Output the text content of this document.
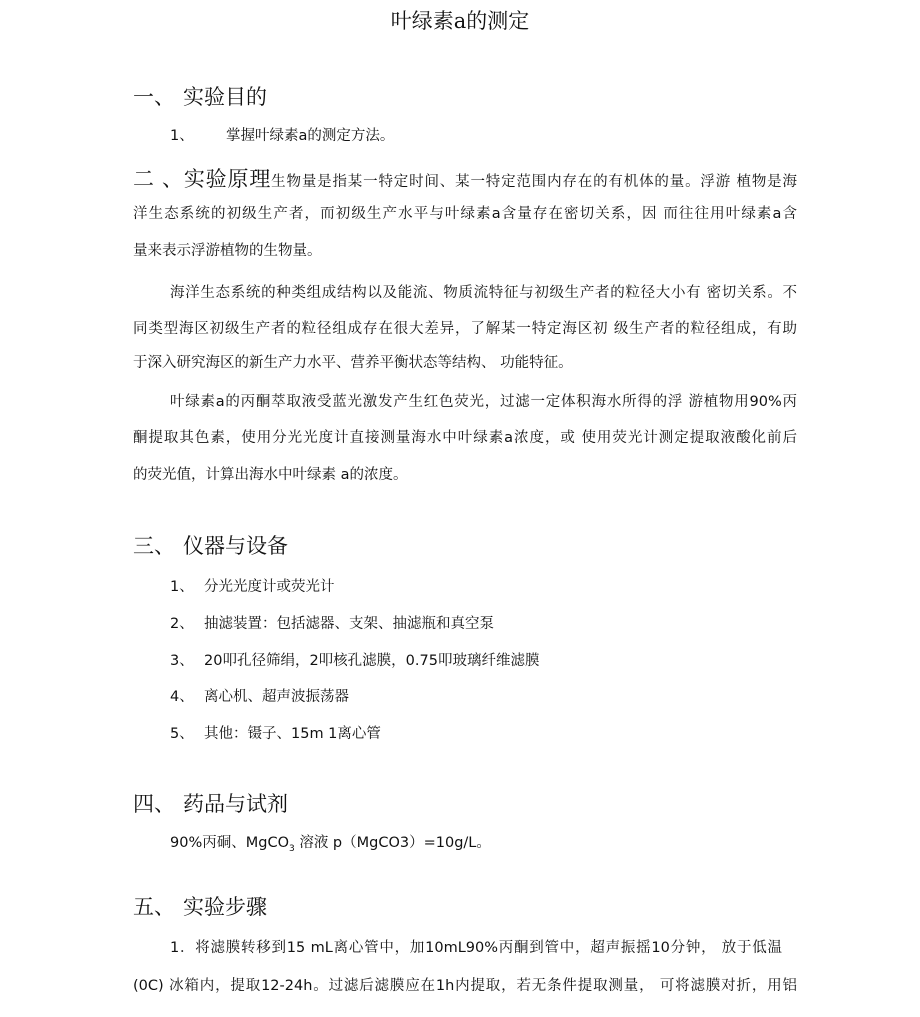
叶绿素a的测定
一、 实验目的
1、 掌握叶绿素a的测定方法。
二、实验原理生物量是指某一特定时间、某一特定范围内存在的有机体的量。浮游 植物是海
洋生态系统的初级生产者，而初级生产水平与叶绿素a含量存在密切关系，因 而往往用叶绿素a含
量来表示浮游植物的生物量。
海洋生态系统的种类组成结构以及能流、物质流特征与初级生产者的粒径大小有 密切关系。不
同类型海区初级生产者的粒径组成存在很大差异，了解某一特定海区初 级生产者的粒径组成，有助
于深入研究海区的新生产力水平、营养平衡状态等结构、 功能特征。
叶绿素a的丙酮萃取液受蓝光激发产生红色荧光，过滤一定体积海水所得的浮 游植物用90%丙
酮提取其色素，使用分光光度计直接测量海水中叶绿素a浓度，或 使用荧光计测定提取液酸化前后
的荧光值，计算出海水中叶绿素 a的浓度。
三、 仪器与设备
1、 分光光度计或荧光计
2、 抽滤装置：包括滤器、支架、抽滤瓶和真空泵
3、 20叩孔径筛绢，2叩核孔滤膜，0.75叩玻璃纤维滤膜
4、 离心机、超声波振荡器
5、 其他：镊子、15m 1离心管
四、 药品与试剂
90%丙硐、MgCO$_3$ 溶液 p（MgCO3）=10g/L。
五、 实验步骤
1．将滤膜转移到15 mL离心管中，加10mL90%丙酮到管中，超声振摇10分钟， 放于低温
(0C) 冰箱内，提取12-24h。过滤后滤膜应在1h内提取，若无条件提取测量， 可将滤膜对折，用铝
